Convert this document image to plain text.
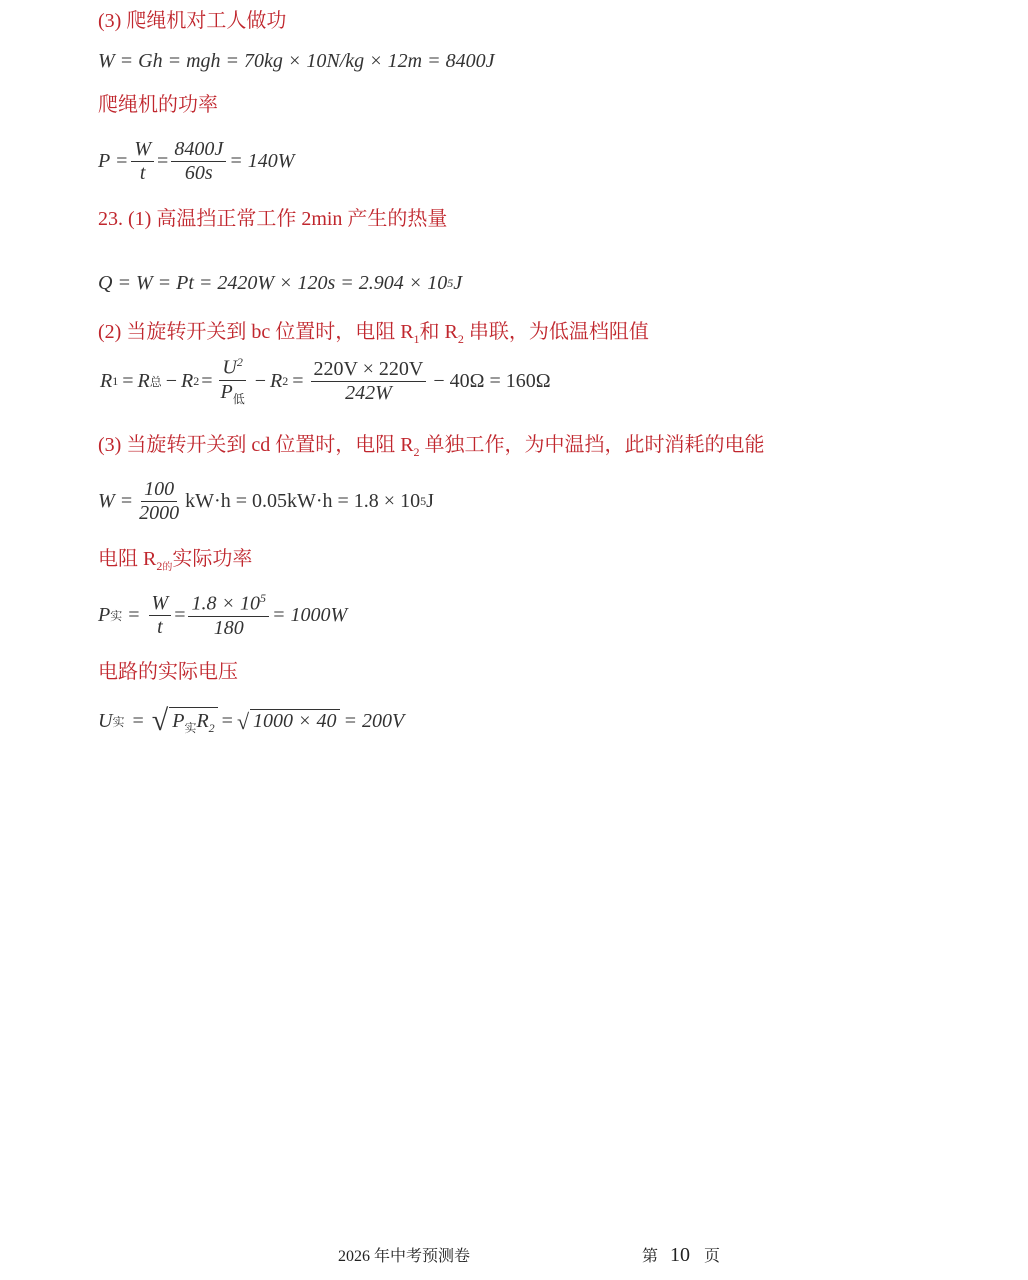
(3) 爬绳机对工人做功
W = Gh = mgh = 70kg × 10N/kg × 12m = 8400J
爬绳机的功率
$P = \frac{W}{t} = \frac{8400J}{60s} = 140W$
23. (1) 高温挡正常工作 2min 产生的热量
Q = W = Pt = 2420W × 120s = 2.904 × 10 5 J
(2) 当旋转开关到 bc 位置时，电阻 $R_1$和 $R_2$ 串联，为低温档阻值
R 1 = R 总 − R $2 = \frac{U^2}{P_低} - R$ $2 = \frac{220V \times 220V}{242W} - 40\Omega = 160\Omega$
(3) 当旋转开关到 cd 位置时，电阻 $R_2$ 单独工作，为中温挡，此时消耗的电能
$W = \frac{100}{2000} kW\cdot h = 0.05kW\cdot h = 1.8 \times 10$ 5 J
电阻 $R_{2的}$实际功率
P 实 = $\frac{W}{t} = \frac{1.8 \times 10^5}{180} = 1000W$
电路的实际电压
U 实 = √ $P_实R_2$ = √ 1000 × 40 = 200V
2026 年中考预测卷	第 10 页
